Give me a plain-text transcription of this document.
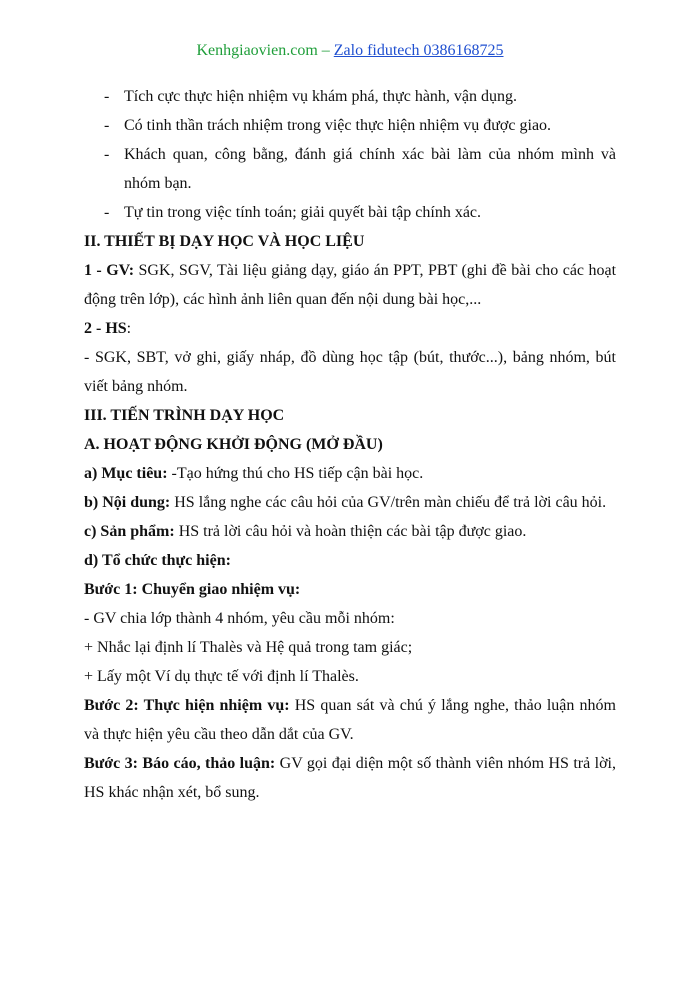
Kenhgiaovien.com – Zalo fidutech 0386168725
- Tích cực thực hiện nhiệm vụ khám phá, thực hành, vận dụng.
- Có tinh thần trách nhiệm trong việc thực hiện nhiệm vụ được giao.
- Khách quan, công bằng, đánh giá chính xác bài làm của nhóm mình và nhóm bạn.
- Tự tin trong việc tính toán; giải quyết bài tập chính xác.

II. THIẾT BỊ DẠY HỌC VÀ HỌC LIỆU

1 - GV: SGK, SGV, Tài liệu giảng dạy, giáo án PPT, PBT (ghi đề bài cho các hoạt động trên lớp), các hình ảnh liên quan đến nội dung bài học,...

2 - HS:

- SGK, SBT, vở ghi, giấy nháp, đồ dùng học tập (bút, thước...), bảng nhóm, bút viết bảng nhóm.

III. TIẾN TRÌNH DẠY HỌC

A. HOẠT ĐỘNG KHỞI ĐỘNG (MỞ ĐẦU)

a) Mục tiêu: -Tạo hứng thú cho HS tiếp cận bài học.

b) Nội dung: HS lắng nghe các câu hỏi của GV/trên màn chiếu để trả lời câu hỏi.

c) Sản phẩm: HS trả lời câu hỏi và hoàn thiện các bài tập được giao.

d) Tổ chức thực hiện:

Bước 1: Chuyển giao nhiệm vụ:

- GV chia lớp thành 4 nhóm, yêu cầu mỗi nhóm:

+ Nhắc lại định lí Thalès và Hệ quả trong tam giác;

+ Lấy một Ví dụ thực tế với định lí Thalès.

Bước 2: Thực hiện nhiệm vụ: HS quan sát và chú ý lắng nghe, thảo luận nhóm và thực hiện yêu cầu theo dẫn dắt của GV.

Bước 3: Báo cáo, thảo luận: GV gọi đại diện một số thành viên nhóm HS trả lời, HS khác nhận xét, bổ sung.
